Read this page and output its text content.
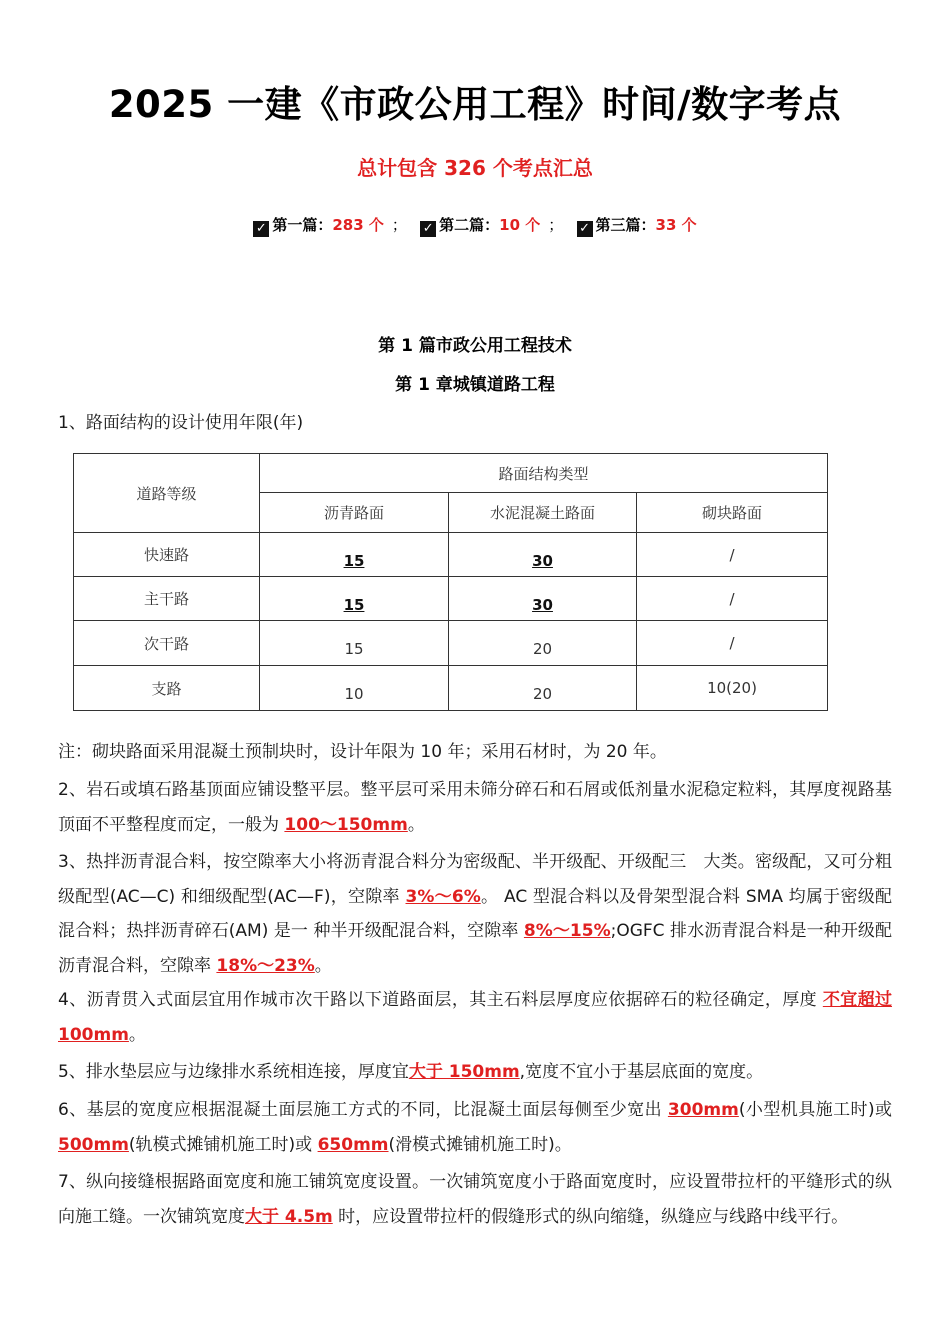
2025 一建《市政公用工程》时间/数字考点
总计包含 326 个考点汇总
✓ 第一篇：283 个 ； ✓ 第二篇：10 个 ； ✓ 第三篇：33 个
第 1 篇市政公用工程技术
第 1 章城镇道路工程
1、路面结构的设计使用年限(年)
道路等级	路面结构类型		
	沥青路面	水泥混凝土路面	砌块路面
快速路	15	30	/
主干路	15	30	/
次干路	15	20	/
支路	10	20	10(20)
注：砌块路面采用混凝土预制块时，设计年限为 10 年；采用石材时，为 20 年。
2、岩石或填石路基顶面应铺设整平层。整平层可采用未筛分碎石和石屑或低剂量水泥稳定粒料，其厚度视路基顶面不平整程度而定，一般为 100～150mm。
3、热拌沥青混合料，按空隙率大小将沥青混合料分为密级配、半开级配、开级配三　大类。密级配，又可分粗级配型(AC—C) 和细级配型(AC—F)，空隙率 3%～6%。 AC 型混合料以及骨架型混合料 SMA 均属于密级配混合料；热拌沥青碎石(AM) 是一 种半开级配混合料，空隙率 8%～15%;OGFC 排水沥青混合料是一种开级配沥青混合料，空隙率 18%～23%。
4、沥青贯入式面层宜用作城市次干路以下道路面层，其主石料层厚度应依据碎石的粒径确定，厚度 不宜超过 100mm。
5、排水垫层应与边缘排水系统相连接，厚度宜大于 150mm,宽度不宜小于基层底面的宽度。
6、基层的宽度应根据混凝土面层施工方式的不同，比混凝土面层每侧至少宽出 300mm(小型机具施工时)或 500mm(轨模式摊铺机施工时)或 650mm(滑模式摊铺机施工时)。
7、纵向接缝根据路面宽度和施工铺筑宽度设置。一次铺筑宽度小于路面宽度时，应设置带拉杆的平缝形式的纵向施工缝。一次铺筑宽度大于 4.5m 时，应设置带拉杆的假缝形式的纵向缩缝，纵缝应与线路中线平行。
